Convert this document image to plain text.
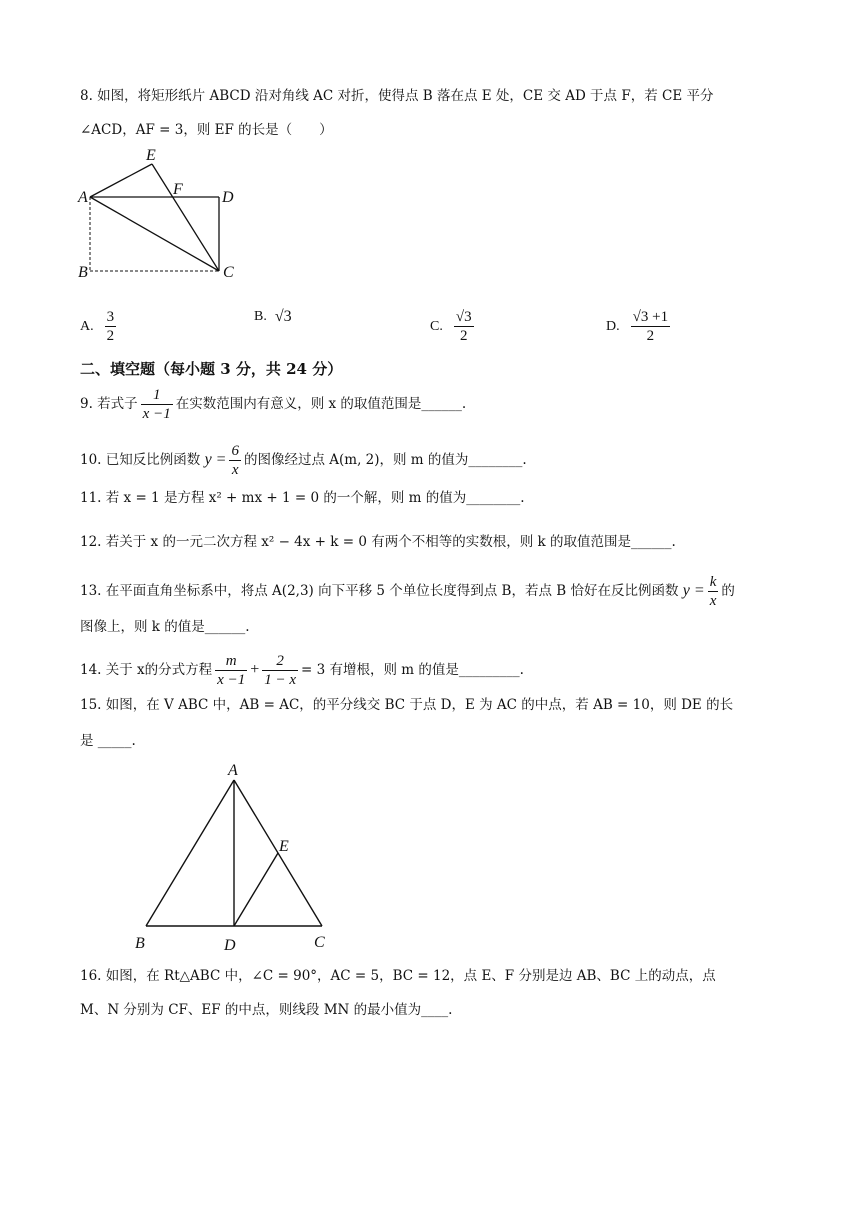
8. 如图，将矩形纸片 ABCD 沿对角线 AC 对折，使得点 B 落在点 E 处，CE 交 AD 于点 F，若 CE 平分
∠ACD，AF = 3，则 EF 的长是（　　）
A
E
F D
B	C
A. $\frac{3}{2}$	B. √3
C. $\frac{√3}{2}$	D. $\frac{√3 +1}{2}$
二、填空题（每小题 3 分，共 24 分）
9. 若式子 $\frac{1}{x -1}$ 在实数范围内有意义，则 x 的取值范围是______.
10. 已知反比例函数 $y = \frac{6}{x}$ 的图像经过点 A(m, 2)，则 m 的值为________.
11. 若 x = 1 是方程 x² + mx + 1 = 0 的一个解，则 m 的值为________.
12. 若关于 x 的一元二次方程 x² − 4x + k = 0 有两个不相等的实数根，则 k 的取值范围是______.
13. 在平面直角坐标系中，将点 A(2,3) 向下平移 5 个单位长度得到点 B，若点 B 恰好在反比例函数 $y = \frac{k}{x}$ 的
图像上，则 k 的值是______.
14. 关于 x的分式方程 $\frac{m}{x -1} + \frac{2}{1 - x} = 3$ 有增根，则 m 的值是_________.
15. 如图，在 V ABC 中，AB = AC，的平分线交 BC 于点 D，E 为 AC 的中点，若 AB = 10，则 DE 的长
是 _____.
A
E
B	D	C
16. 如图，在 Rt△ABC 中，∠C = 90°，AC = 5，BC = 12，点 E、F 分别是边 AB、BC 上的动点，点
M、N 分别为 CF、EF 的中点，则线段 MN 的最小值为____.
